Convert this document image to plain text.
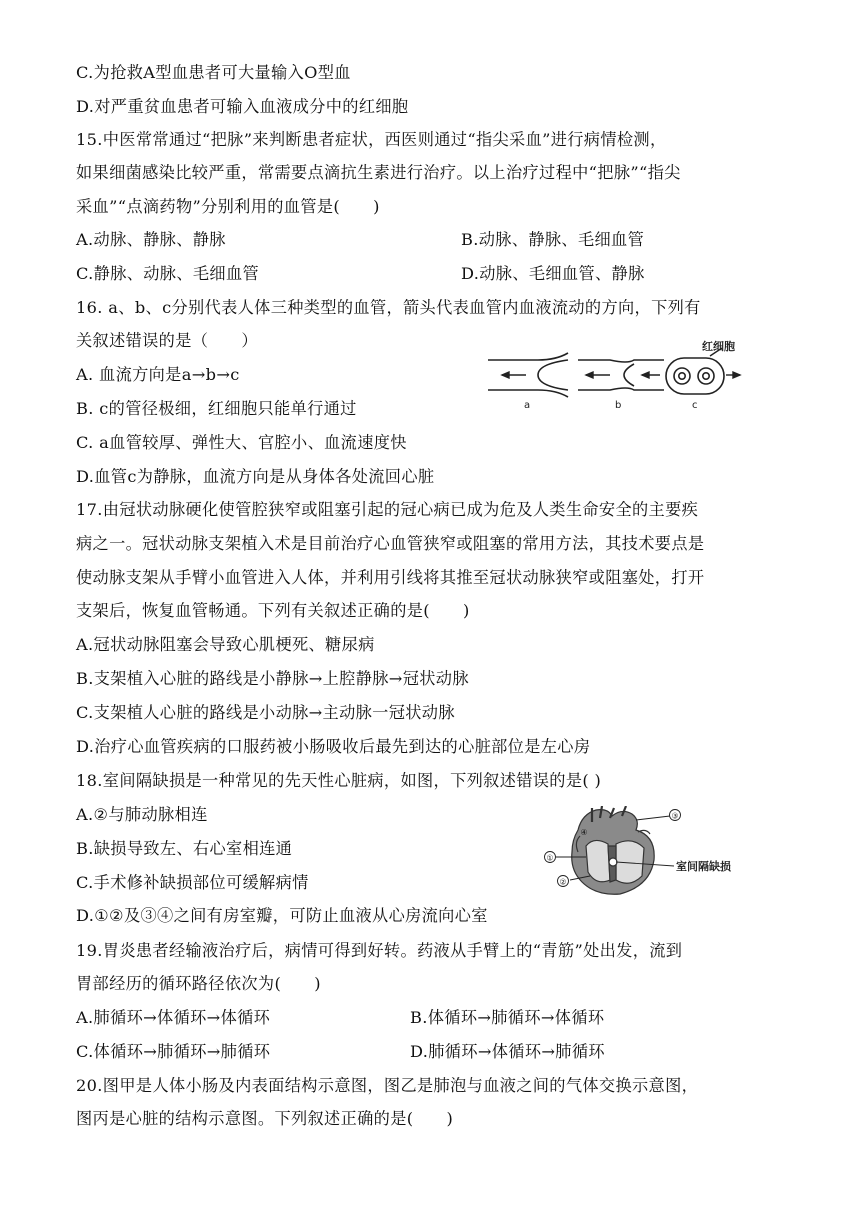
C.为抢救A型血患者可大量输入O型血
D.对严重贫血患者可输入血液成分中的红细胞
15.中医常常通过“把脉”来判断患者症状，西医则通过“指尖采血”进行病情检测，
如果细菌感染比较严重，常需要点滴抗生素进行治疗。以上治疗过程中“把脉”“指尖
采血”“点滴药物”分别利用的血管是(　　)
A.动脉、静脉、静脉	B.动脉、静脉、毛细血管
C.静脉、动脉、毛细血管	D.动脉、毛细血管、静脉
16. a、b、c分别代表人体三种类型的血管，箭头代表血管内血液流动的方向，下列有
关叙述错误的是（　　）
A. 血流方向是a→b→c
B. c的管径极细，红细胞只能单行通过
C. a血管较厚、弹性大、官腔小、血流速度快
D.血管c为静脉，血流方向是从身体各处流回心脏
a	b	c
红细胞
17.由冠状动脉硬化使管腔狭窄或阻塞引起的冠心病已成为危及人类生命安全的主要疾
病之一。冠状动脉支架植入术是目前治疗心血管狭窄或阻塞的常用方法，其技术要点是
使动脉支架从手臂小血管进入人体，并利用引线将其推至冠状动脉狭窄或阻塞处，打开
支架后，恢复血管畅通。下列有关叙述正确的是(　　)
A.冠状动脉阻塞会导致心肌梗死、糖尿病
B.支架植入心脏的路线是小静脉→上腔静脉→冠状动脉
C.支架植人心脏的路线是小动脉→主动脉一冠状动脉
D.治疗心血管疾病的口服药被小肠吸收后最先到达的心脏部位是左心房
18.室间隔缺损是一种常见的先天性心脏病，如图，下列叙述错误的是( )
A.②与肺动脉相连
B.缺损导致左、右心室相连通
C.手术修补缺损部位可缓解病情
D.①②及③④之间有房室瓣，可防止血液从心房流向心室
①
②
③
④
室间隔缺损
19.胃炎患者经输液治疗后，病情可得到好转。药液从手臂上的“青筋”处出发，流到
胃部经历的循环路径依次为(　　)
A.肺循环→体循环→体循环	B.体循环→肺循环→体循环
C.体循环→肺循环→肺循环	D.肺循环→体循环→肺循环
20.图甲是人体小肠及内表面结构示意图，图乙是肺泡与血液之间的气体交换示意图，
图丙是心脏的结构示意图。下列叙述正确的是(　　)
